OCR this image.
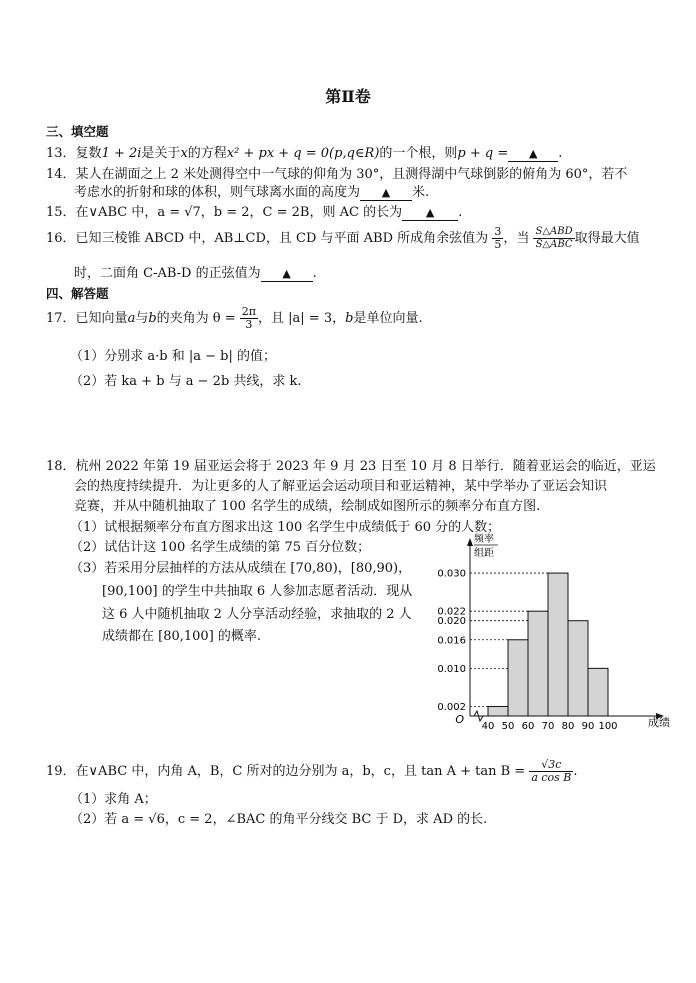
第Ⅱ卷
三、填空题
13．复数1 + 2i是关于x的方程x² + px + q = 0(p,q∈R)的一个根，则p + q = ▲ .
14．某人在湖面之上 2 米处测得空中一气球的仰角为 30°，且测得湖中气球倒影的俯角为 60°，若不
考虑水的折射和球的体积，则气球离水面的高度为 ▲ 米.
15．在∨ABC 中，a = √7，b = 2，C = 2B，则 AC 的长为 ▲ .
16．已知三棱锥 ABCD 中，AB⊥CD，且 CD 与平面 ABD 所成角余弦值为 $\frac{3}{5}$ ，当 $\frac{\text{S△ABD}}{\text{S△ABC}}$ 取得最大值
时，二面角 C-AB-D 的正弦值为 ▲ .
四、解答题
17．已知向量a与b的夹角为 $\theta = \frac{2\pi}{3}$ ，且 |a| = 3，b是单位向量.
（1）分别求 a·b 和 |a − b| 的值；
（2）若 ka + b 与 a − 2b 共线，求 k.
18．杭州 2022 年第 19 届亚运会将于 2023 年 9 月 23 日至 10 月 8 日举行．随着亚运会的临近，亚运
会的热度持续提升．为让更多的人了解亚运会运动项目和亚运精神，某中学举办了亚运会知识
竞赛，并从中随机抽取了 100 名学生的成绩，绘制成如图所示的频率分布直方图.
（1）试根据频率分布直方图求出这 100 名学生中成绩低于 60 分的人数；
（2）试估计这 100 名学生成绩的第 75 百分位数；
（3）若采用分层抽样的方法从成绩在 [70,80)，[80,90)，
[90,100] 的学生中共抽取 6 人参加志愿者活动．现从
这 6 人中随机抽取 2 人分享活动经验，求抽取的 2 人
成绩都在 [80,100] 的概率.
0.002
0.010
0.016
0.020
0.022
0.030
40 50 60 70 80 90 100
O
频率
组距
成绩
19．在∨ABC 中，内角 A，B，C 所对的边分别为 a，b，c，且 $\tan A + \tan B = \frac{√3c}{\text{a cos B}}$ .
（1）求角 A；
（2）若 a = √6，c = 2，∠BAC 的角平分线交 BC 于 D，求 AD 的长.
